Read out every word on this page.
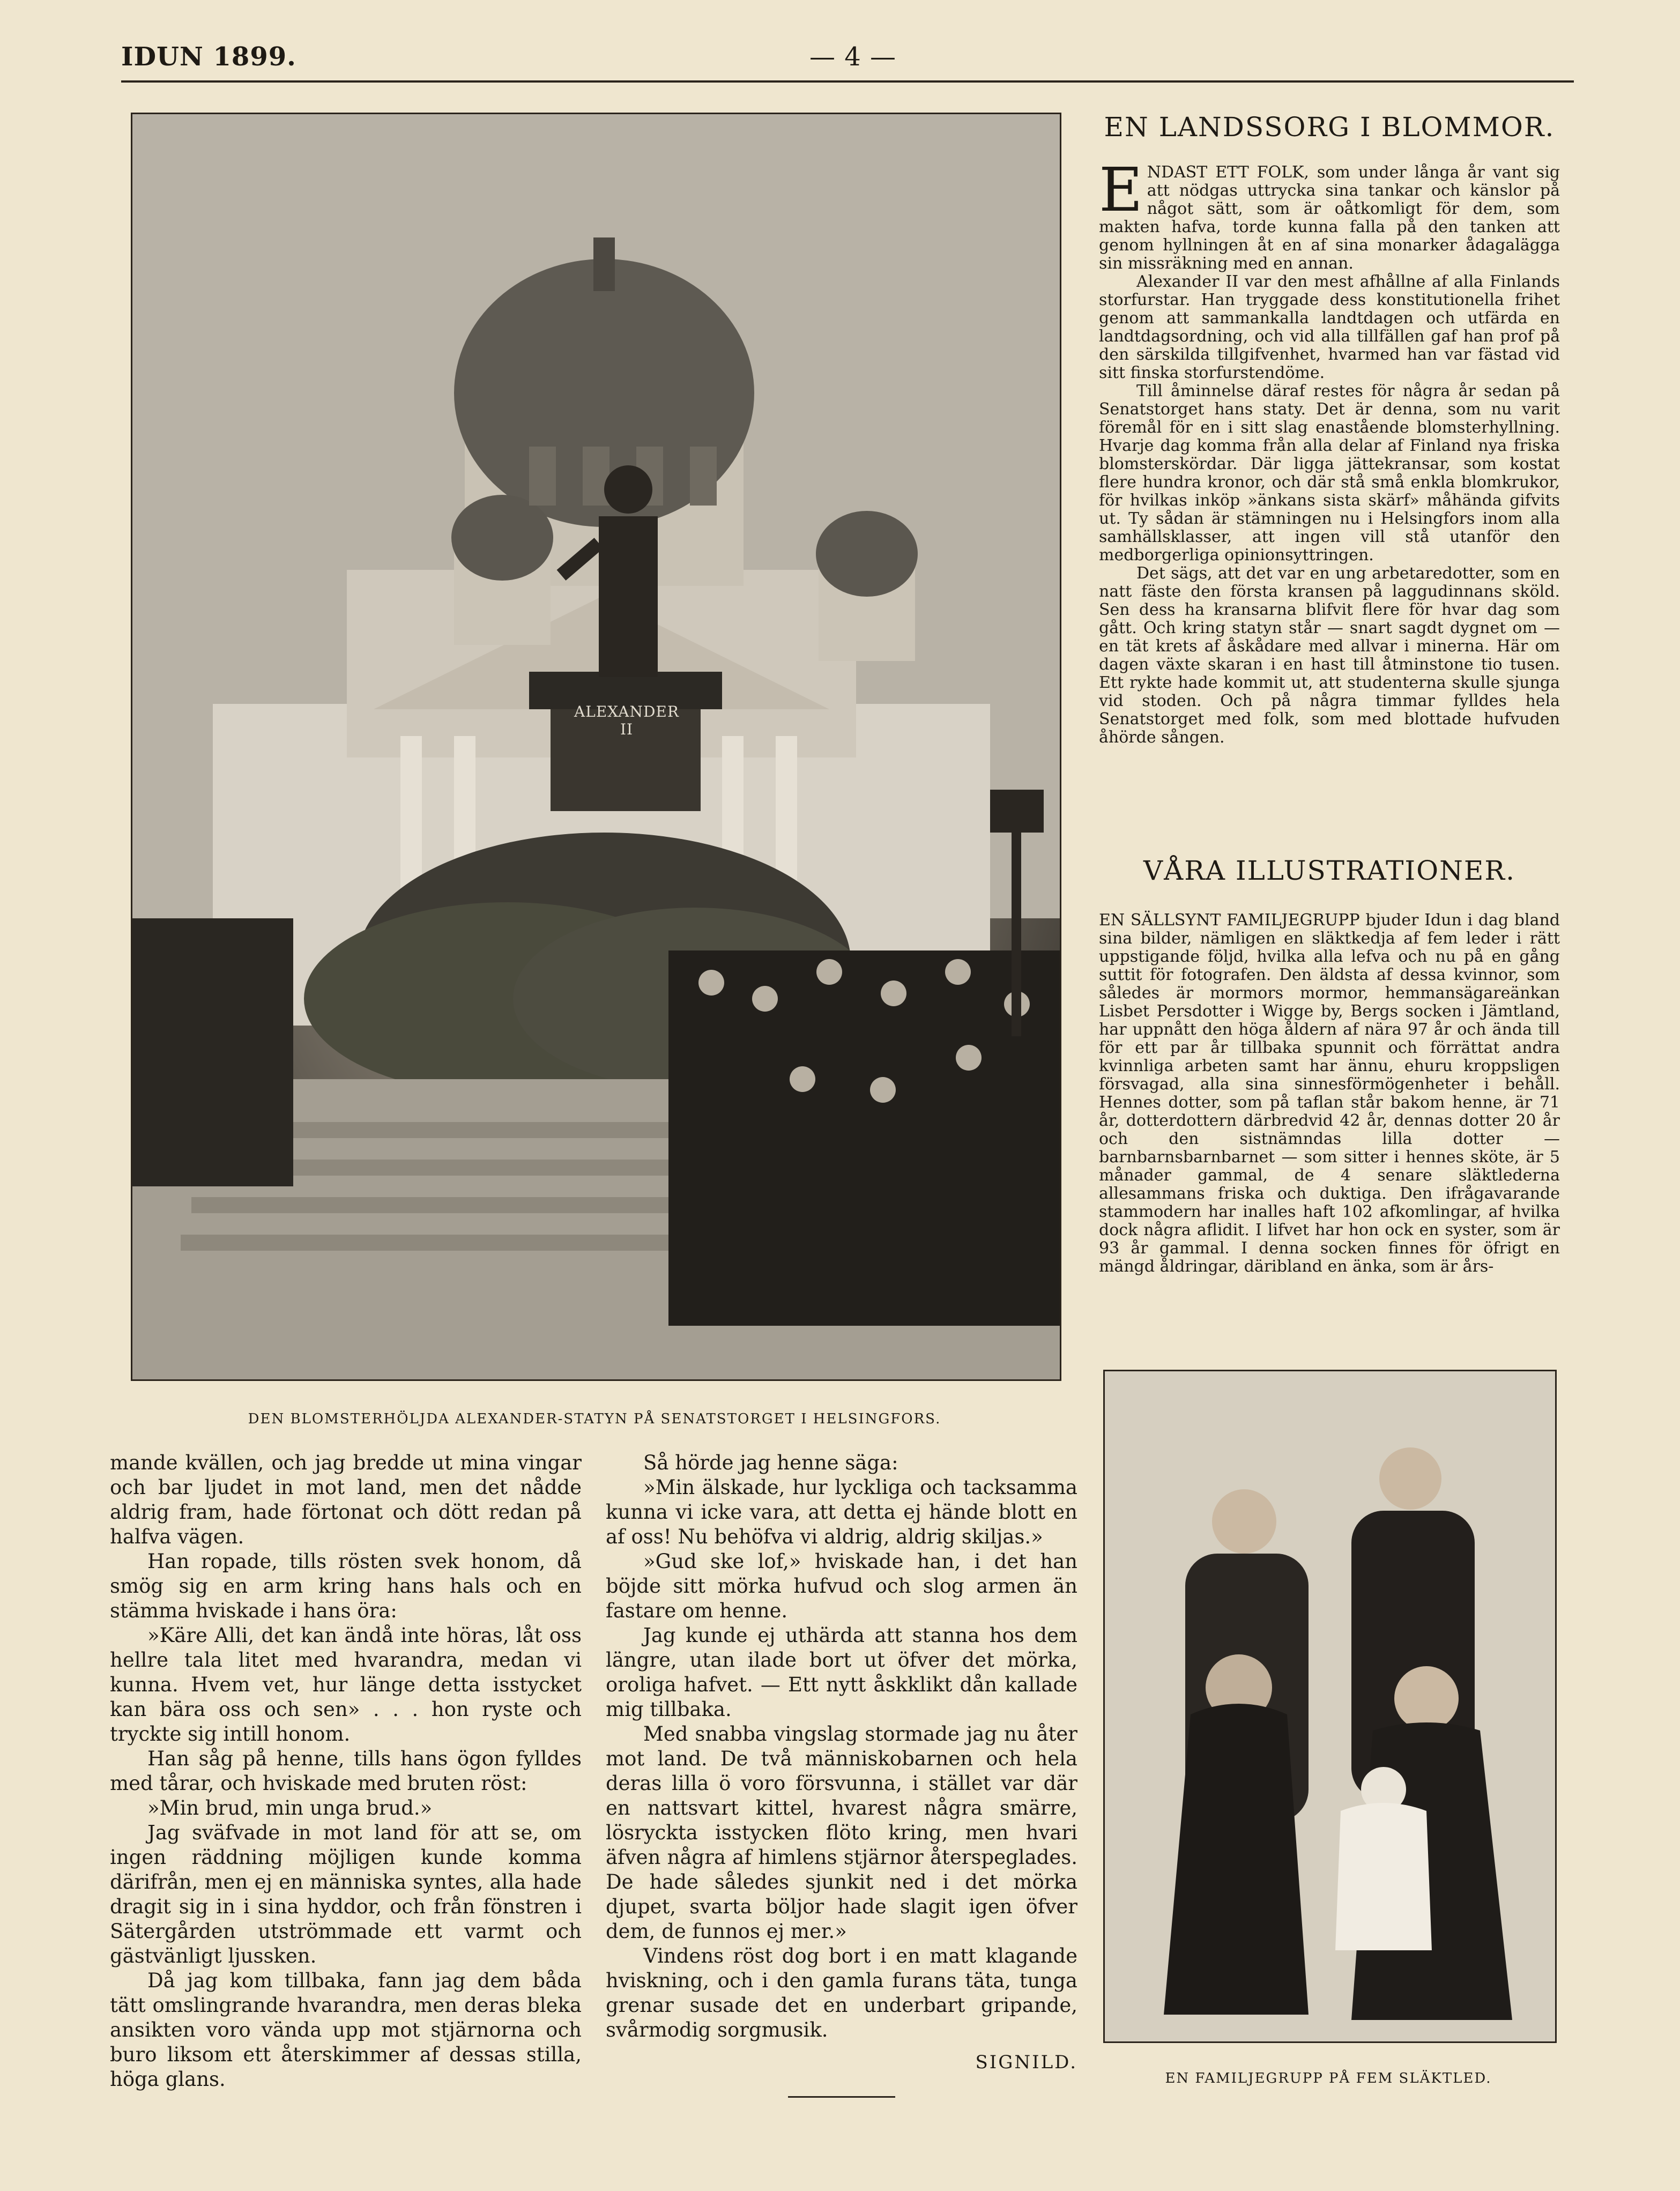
IDUN 1899.	— 4 —
ALEXANDER II
DEN BLOMSTERHÖLJDA ALEXANDER-STATYN PÅ SENATSTORGET I HELSINGFORS.
EN LANDSSORG I BLOMMOR.

ENDAST ETT FOLK, som under långa år vant sig att nödgas uttrycka sina tankar och känslor på något sätt, som är oåtkomligt för dem, som makten hafva, torde kunna falla på den tanken att genom hyllningen åt en af sina monarker ådagalägga sin missräkning med en annan.

Alexander II var den mest afhållne af alla Finlands storfurstar. Han tryggade dess konstitutionella frihet genom att sammankalla landtdagen och utfärda en landtdagsordning, och vid alla tillfällen gaf han prof på den särskilda tillgifvenhet, hvarmed han var fästad vid sitt finska storfurstendöme.

Till åminnelse däraf restes för några år sedan på Senatstorget hans staty. Det är denna, som nu varit föremål för en i sitt slag enastående blomsterhyllning. Hvarje dag komma från alla delar af Finland nya friska blomsterskördar. Där ligga jättekransar, som kostat flere hundra kronor, och där stå små enkla blomkrukor, för hvilkas inköp »änkans sista skärf» måhända gifvits ut. Ty sådan är stämningen nu i Helsingfors inom alla samhällsklasser, att ingen vill stå utanför den medborgerliga opinionsyttringen.

Det sägs, att det var en ung arbetaredotter, som en natt fäste den första kransen på laggudinnans sköld. Sen dess ha kransarna blifvit flere för hvar dag som gått. Och kring statyn står — snart sagdt dygnet om — en tät krets af åskådare med allvar i minerna. Här om dagen växte skaran i en hast till åtminstone tio tusen. Ett rykte hade kommit ut, att studenterna skulle sjunga vid stoden. Och på några timmar fylldes hela Senatstorget med folk, som med blottade hufvuden åhörde sången.

VÅRA ILLUSTRATIONER.

EN SÄLLSYNT FAMILJEGRUPP bjuder Idun i dag bland sina bilder, nämligen en släktkedja af fem leder i rätt uppstigande följd, hvilka alla lefva och nu på en gång suttit för fotografen. Den äldsta af dessa kvinnor, som således är mormors mormor, hemmansägareänkan Lisbet Persdotter i Wigge by, Bergs socken i Jämtland, har uppnått den höga åldern af nära 97 år och ända till för ett par år tillbaka spunnit och förrättat andra kvinnliga arbeten samt har ännu, ehuru kroppsligen försvagad, alla sina sinnesförmögenheter i behåll. Hennes dotter, som på taflan står bakom henne, är 71 år, dotterdottern därbredvid 42 år, dennas dotter 20 år och den sistnämndas lilla dotter — barnbarnsbarnbarnet — som sitter i hennes sköte, är 5 månader gammal, de 4 senare släktlederna allesammans friska och duktiga. Den ifrågavarande stammodern har inalles haft 102 afkomlingar, af hvilka dock några aflidit. I lifvet har hon ock en syster, som är 93 år gammal. I denna socken finnes för öfrigt en mängd åldringar, däribland en änka, som är års-

EN FAMILJEGRUPP PÅ FEM SLÄKTLED.

mande kvällen, och jag bredde ut mina vingar och bar ljudet in mot land, men det nådde aldrig fram, hade förtonat och dött redan på halfva vägen.

Han ropade, tills rösten svek honom, då smög sig en arm kring hans hals och en stämma hviskade i hans öra:

»Käre Alli, det kan ändå inte höras, låt oss hellre tala litet med hvarandra, medan vi kunna. Hvem vet, hur länge detta isstycket kan bära oss och sen» . . . hon ryste och tryckte sig intill honom.

Han såg på henne, tills hans ögon fylldes med tårar, och hviskade med bruten röst:

»Min brud, min unga brud.»

Jag sväfvade in mot land för att se, om ingen räddning möjligen kunde komma därifrån, men ej en människa syntes, alla hade dragit sig in i sina hyddor, och från fönstren i Sätergården utströmmade ett varmt och gästvänligt ljussken.

Då jag kom tillbaka, fann jag dem båda tätt omslingrande hvarandra, men deras bleka ansikten voro vända upp mot stjärnorna och buro liksom ett återskimmer af dessas stilla, höga glans.

Så hörde jag henne säga:

»Min älskade, hur lyckliga och tacksamma kunna vi icke vara, att detta ej hände blott en af oss! Nu behöfva vi aldrig, aldrig skiljas.»

»Gud ske lof,» hviskade han, i det han böjde sitt mörka hufvud och slog armen än fastare om henne.

Jag kunde ej uthärda att stanna hos dem längre, utan ilade bort ut öfver det mörka, oroliga hafvet. — Ett nytt åskklikt dån kallade mig tillbaka.

Med snabba vingslag stormade jag nu åter mot land. De två människobarnen och hela deras lilla ö voro försvunna, i stället var där en nattsvart kittel, hvarest några smärre, lösryckta isstycken flöto kring, men hvari äfven några af himlens stjärnor återspeglades. De hade således sjunkit ned i det mörka djupet, svarta böljor hade slagit igen öfver dem, de funnos ej mer.»

Vindens röst dog bort i en matt klagande hviskning, och i den gamla furans täta, tunga grenar susade det en underbart gripande, svårmodig sorgmusik.

SIGNILD.
